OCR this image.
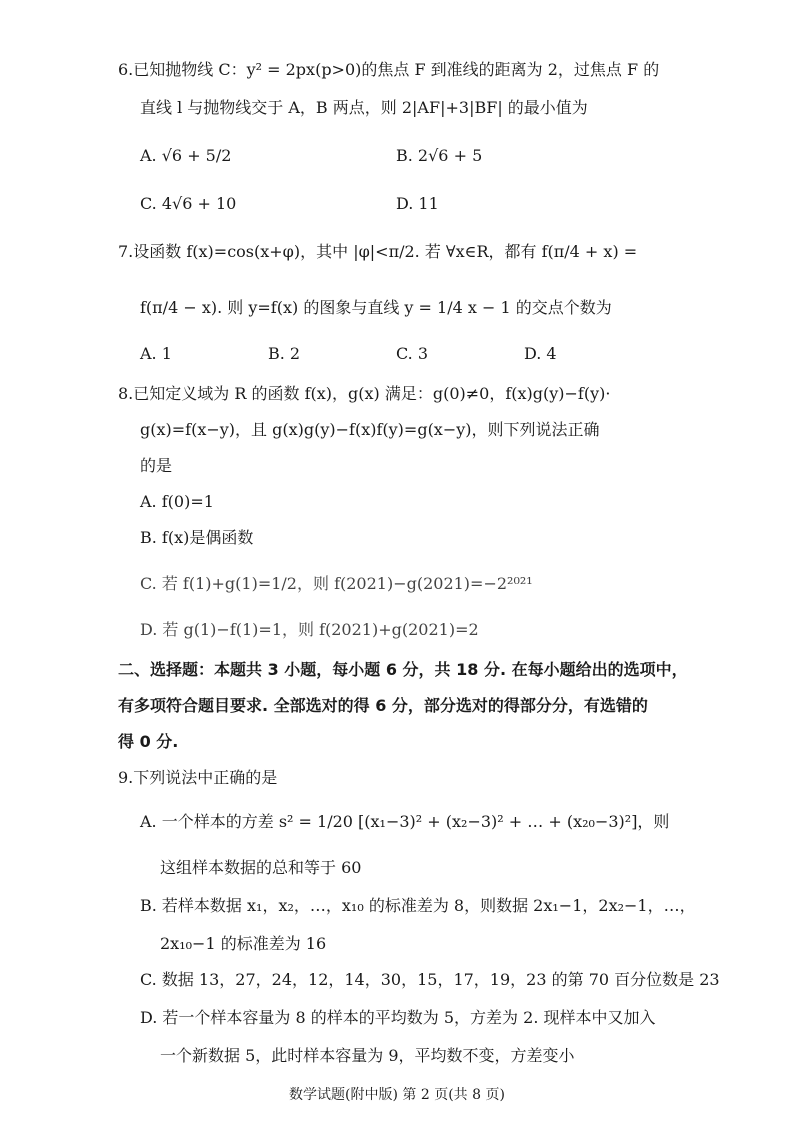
6.已知抛物线 C：y² = 2px(p>0)的焦点 F 到准线的距离为 2，过焦点 F 的
直线 l 与抛物线交于 A，B 两点，则 2|AF|+3|BF| 的最小值为
A. √6 + 5/2	B. 2√6 + 5
C. 4√6 + 10	D. 11
7.设函数 f(x)=cos(x+φ)，其中 |φ|<π/2. 若 ∀x∈R，都有 f(π/4 + x) =
f(π/4 − x). 则 y=f(x) 的图象与直线 y = 1/4 x − 1 的交点个数为
A. 1	B. 2	C. 3	D. 4
8.已知定义域为 R 的函数 f(x)，g(x) 满足：g(0)≠0，f(x)g(y)−f(y)·
g(x)=f(x−y)，且 g(x)g(y)−f(x)f(y)=g(x−y)，则下列说法正确
的是
A. f(0)=1
B. f(x)是偶函数
C. 若 f(1)+g(1)=1/2，则 f(2021)−g(2021)=−2²⁰²¹
D. 若 g(1)−f(1)=1，则 f(2021)+g(2021)=2
二、选择题：本题共 3 小题，每小题 6 分，共 18 分. 在每小题给出的选项中，
有多项符合题目要求. 全部选对的得 6 分，部分选对的得部分分，有选错的
得 0 分.
9.下列说法中正确的是
A. 一个样本的方差 s² = 1/20 [(x₁−3)² + (x₂−3)² + … + (x₂₀−3)²]，则
这组样本数据的总和等于 60
B. 若样本数据 x₁，x₂，…，x₁₀ 的标准差为 8，则数据 2x₁−1，2x₂−1，…，
2x₁₀−1 的标准差为 16
C. 数据 13，27，24，12，14，30，15，17，19，23 的第 70 百分位数是 23
D. 若一个样本容量为 8 的样本的平均数为 5，方差为 2. 现样本中又加入
一个新数据 5，此时样本容量为 9，平均数不变，方差变小
数学试题(附中版) 第 2 页(共 8 页)
